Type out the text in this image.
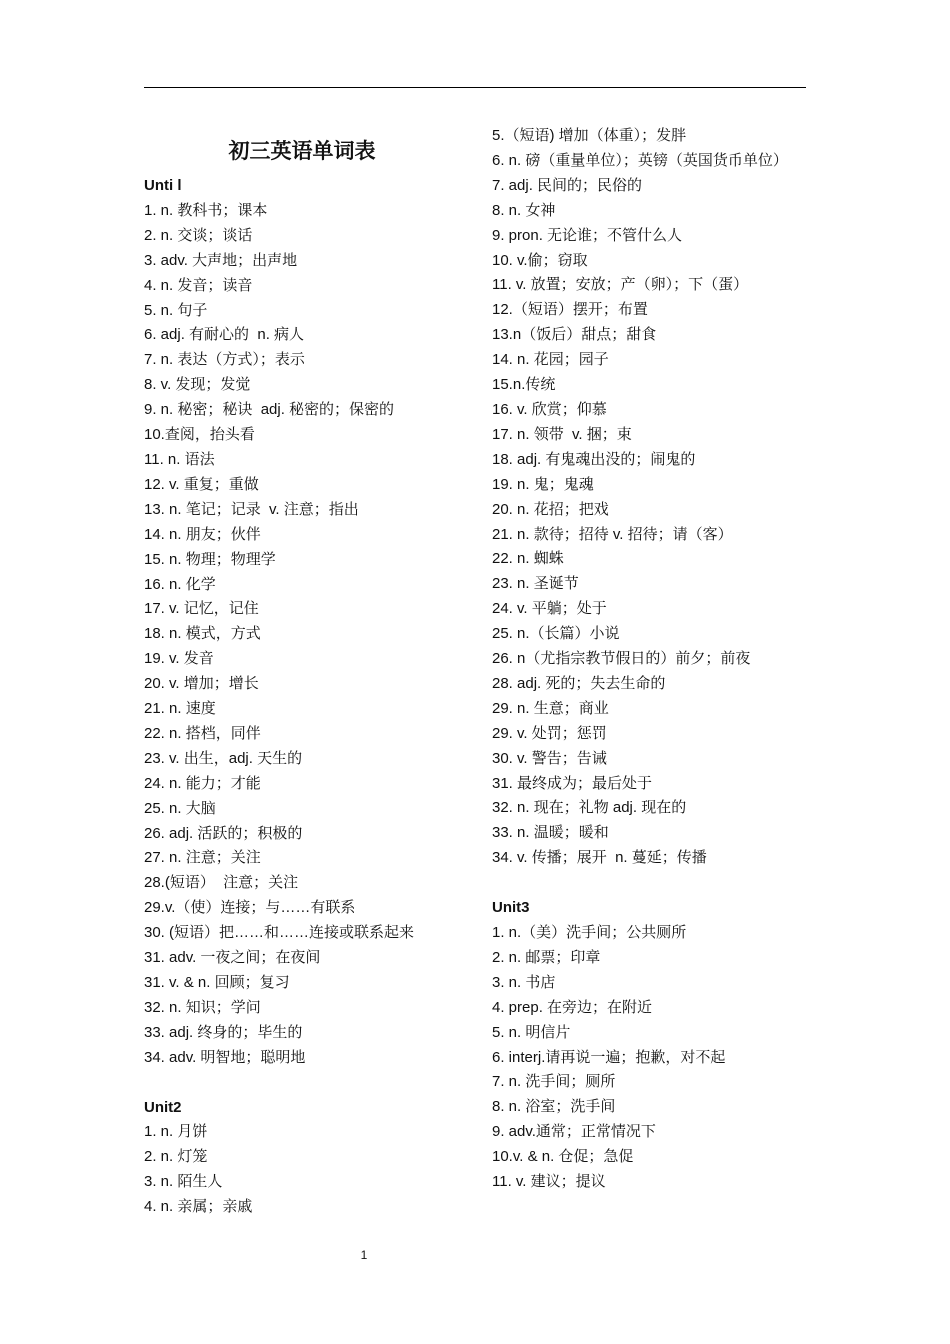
初三英语单词表
Unti l
1. n. 教科书；课本
2. n. 交谈；谈话
3. adv. 大声地；出声地
4. n. 发音；读音
5. n. 句子
6. adj. 有耐心的  n. 病人
7. n. 表达（方式）；表示
8. v. 发现；发觉
9. n. 秘密；秘诀  adj. 秘密的；保密的
10.查阅，抬头看
11. n. 语法
12. v. 重复；重做
13. n. 笔记；记录  v. 注意；指出
14. n. 朋友；伙伴
15. n. 物理；物理学
16. n. 化学
17. v. 记忆，记住
18. n. 模式，方式
19. v. 发音
20. v. 增加；增长
21. n. 速度
22. n. 搭档，同伴
23. v. 出生，adj. 天生的
24. n. 能力；才能
25. n. 大脑
26. adj. 活跃的；积极的
27. n. 注意；关注
28.(短语）  注意；关注
29.v.（使）连接；与……有联系
30. (短语）把……和……连接或联系起来
31. adv. 一夜之间；在夜间
31. v. & n. 回顾；复习
32. n. 知识；学问
33. adj. 终身的；毕生的
34. adv. 明智地；聪明地
Unit2
1. n. 月饼
2. n. 灯笼
3. n. 陌生人
4. n. 亲属；亲戚
5.（短语) 增加（体重）；发胖
6. n. 磅（重量单位）；英镑（英国货币单位）
7. adj. 民间的；民俗的
8. n. 女神
9. pron. 无论谁；不管什么人
10. v.偷；窃取
11. v. 放置；安放；产（卵）；下（蛋）
12.（短语）摆开；布置
13.n（饭后）甜点；甜食
14. n. 花园；园子
15.n.传统
16. v. 欣赏；仰慕
17. n. 领带  v. 捆；束
18. adj. 有鬼魂出没的；闹鬼的
19. n. 鬼；鬼魂
20. n. 花招；把戏
21. n. 款待；招待 v. 招待；请（客）
22. n. 蜘蛛
23. n. 圣诞节
24. v. 平躺；处于
25. n.（长篇）小说
26. n（尤指宗教节假日的）前夕；前夜
28. adj. 死的；失去生命的
29. n. 生意；商业
29. v. 处罚；惩罚
30. v. 警告；告诫
31. 最终成为；最后处于
32. n. 现在；礼物 adj. 现在的
33. n. 温暖；暖和
34. v. 传播；展开  n. 蔓延；传播
Unit3
1. n.（美）洗手间；公共厕所
2. n. 邮票；印章
3. n. 书店
4. prep. 在旁边；在附近
5. n. 明信片
6. interj.请再说一遍；抱歉，对不起
7. n. 洗手间；厕所
8. n. 浴室；洗手间
9. adv.通常；正常情况下
10.v. & n. 仓促；急促
11. v. 建议；提议
1
